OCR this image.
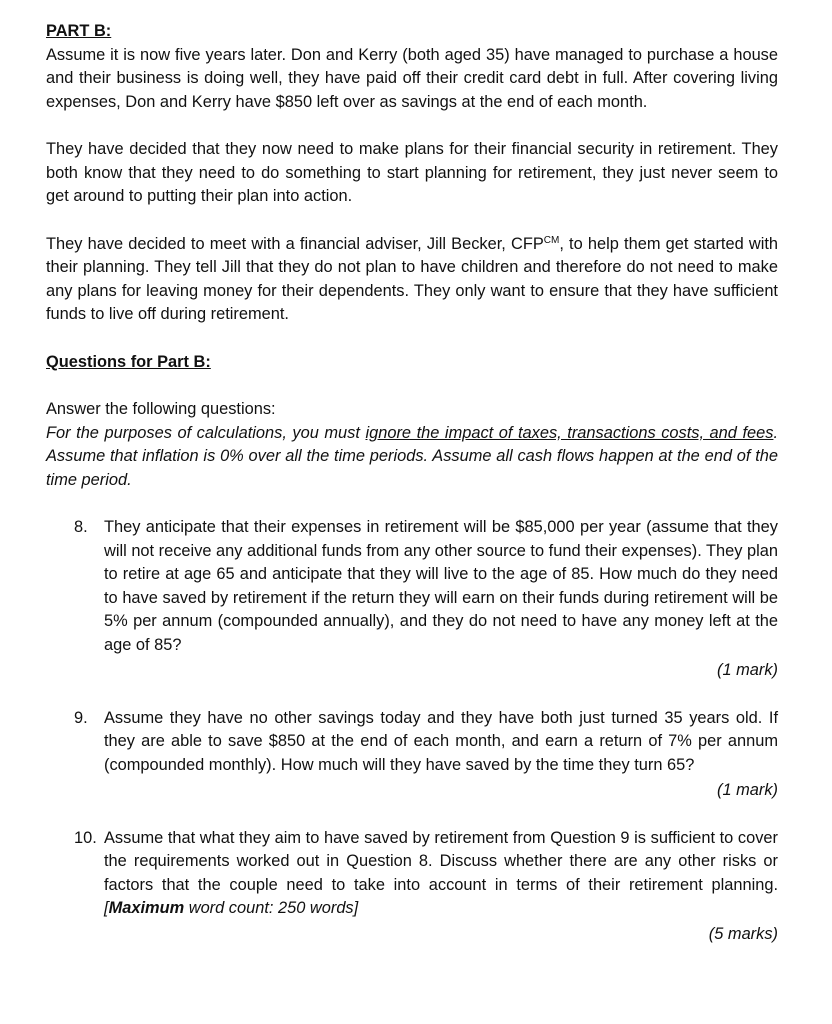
PART B:

Assume it is now five years later. Don and Kerry (both aged 35) have managed to purchase a house and their business is doing well, they have paid off their credit card debt in full. After covering living expenses, Don and Kerry have $850 left over as savings at the end of each month.

They have decided that they now need to make plans for their financial security in retirement. They both know that they need to do something to start planning for retirement, they just never seem to get around to putting their plan into action.

They have decided to meet with a financial adviser, Jill Becker, $CFP^{CM}$, to help them get started with their planning. They tell Jill that they do not plan to have children and therefore do not need to make any plans for leaving money for their dependents. They only want to ensure that they have sufficient funds to live off during retirement.

Questions for Part B:

Answer the following questions:

For the purposes of calculations, you must ignore the impact of taxes, transactions costs, and fees. Assume that inflation is 0% over all the time periods. Assume all cash flows happen at the end of the time period.

8. They anticipate that their expenses in retirement will be $85,000 per year (assume that they will not receive any additional funds from any other source to fund their expenses). They plan to retire at age 65 and anticipate that they will live to the age of 85. How much do they need to have saved by retirement if the return they will earn on their funds during retirement will be 5% per annum (compounded annually), and they do not need to have any money left at the age of 85?

(1 mark)
9. Assume they have no other savings today and they have both just turned 35 years old. If they are able to save $850 at the end of each month, and earn a return of 7% per annum (compounded monthly). How much will they have saved by the time they turn 65?

(1 mark)
10. Assume that what they aim to have saved by retirement from Question 9 is sufficient to cover the requirements worked out in Question 8. Discuss whether there are any other risks or factors that the couple need to take into account in terms of their retirement planning. [Maximum word count: 250 words]

(5 marks)
